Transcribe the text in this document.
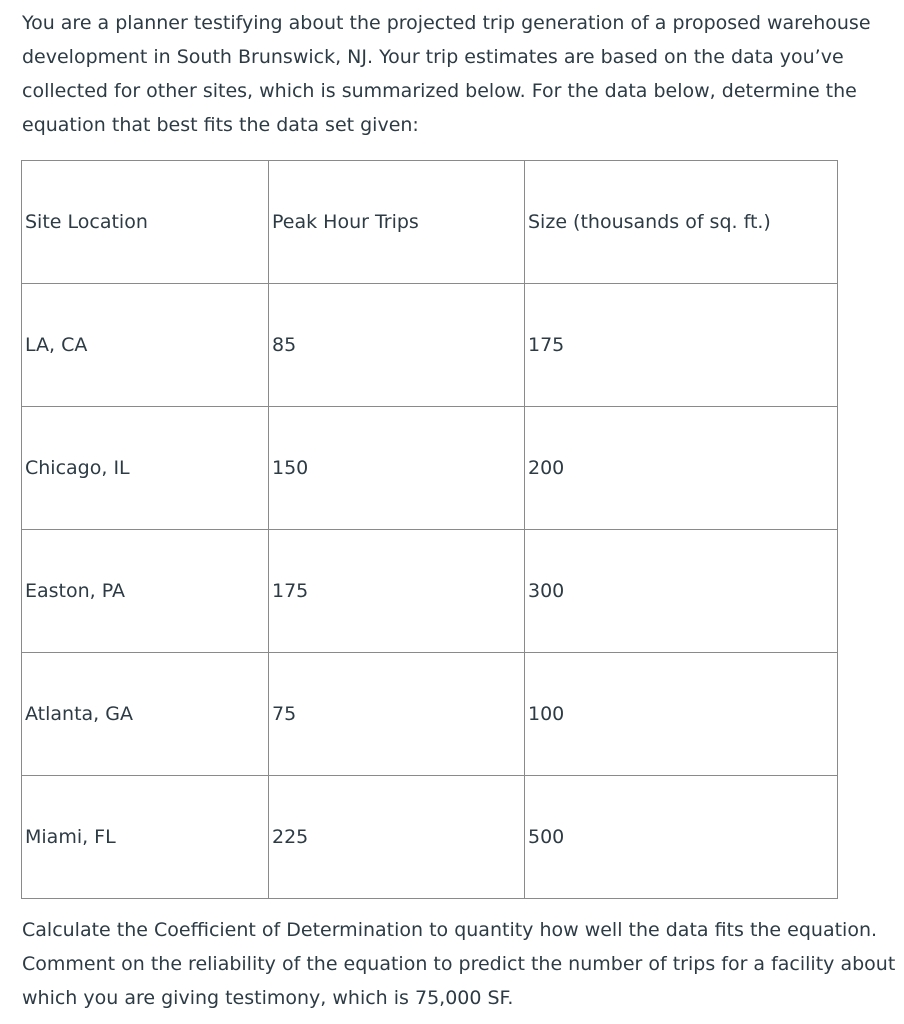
You are a planner testifying about the projected trip generation of a proposed warehouse development in South Brunswick, NJ. Your trip estimates are based on the data you’ve collected for other sites, which is summarized below. For the data below, determine the equation that best fits the data set given:

Site Location	Peak Hour Trips	Size (thousands of sq. ft.)
LA, CA	85	175
Chicago, IL	150	200
Easton, PA	175	300
Atlanta, GA	75	100
Miami, FL	225	500

Calculate the Coefficient of Determination to quantity how well the data fits the equation. Comment on the reliability of the equation to predict the number of trips for a facility about which you are giving testimony, which is 75,000 SF.
